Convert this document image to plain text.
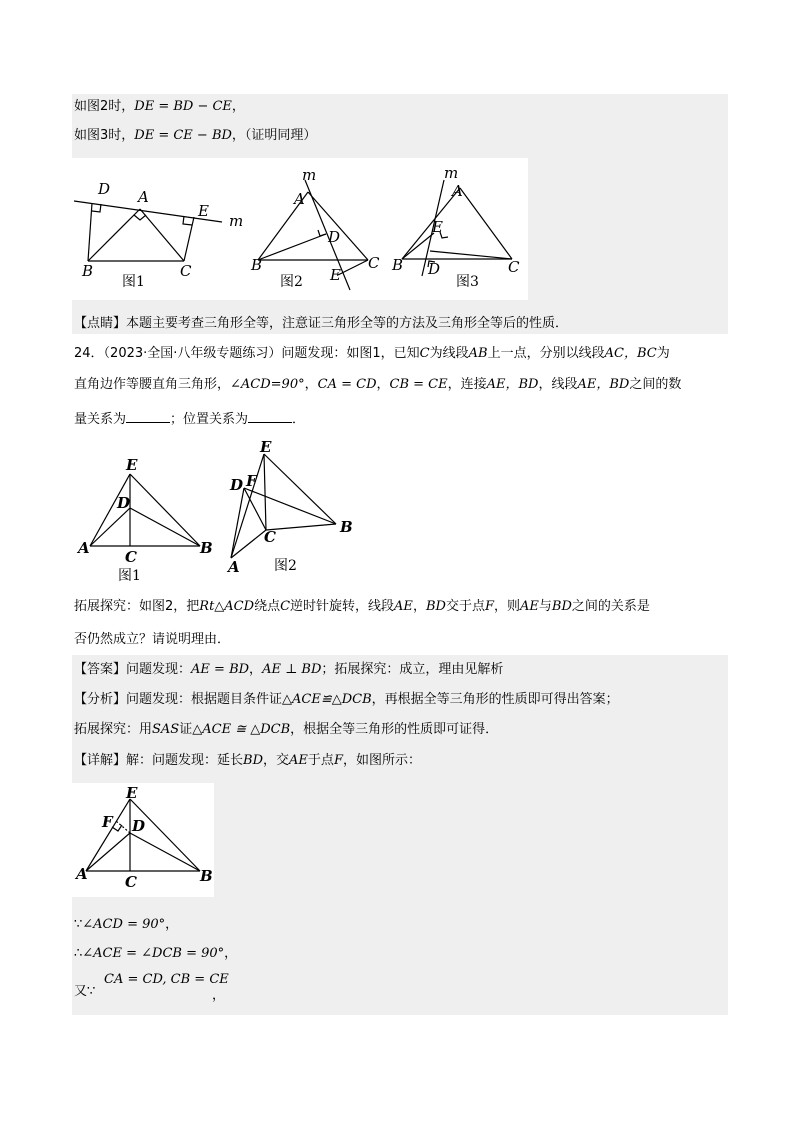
如图2时，DE = BD − CE，
如图3时，DE = CE − BD，（证明同理）
D A
E
m
B	C
图1
m
A
D
B
E
C
图2
m
A
E
B D	C
图3
【点睛】本题主要考查三角形全等，注意证三角形全等的方法及三角形全等后的性质．
24．（2023·全国·八年级专题练习）问题发现：如图1，已知C为线段AB上一点，分别以线段AC，BC为
直角边作等腰直角三角形，∠ACD=90°，CA = CD，CB = CE，连接AE，BD，线段AE，BD之间的数
量关系为	；位置关系为	．
E
D
A C	B
图1
E
D F
C
B
A 图2
拓展探究：如图2，把Rt△ACD绕点C逆时针旋转，线段AE，BD交于点F，则AE与BD之间的关系是
否仍然成立？请说明理由．
【答案】问题发现：AE = BD，AE ⊥ BD；拓展探究：成立，理由见解析
【分析】问题发现：根据题目条件证△ACE≌△DCB，再根据全等三角形的性质即可得出答案；
拓展探究：用SAS证△ACE ≅ △DCB，根据全等三角形的性质即可证得．
【详解】解：问题发现：延长BD，交AE于点F，如图所示：
E
F D
A C	B
∵∠ACD = 90°，
∴∠ACE = ∠DCB = 90°，
又∵
CA = CD, CB = CE
，
